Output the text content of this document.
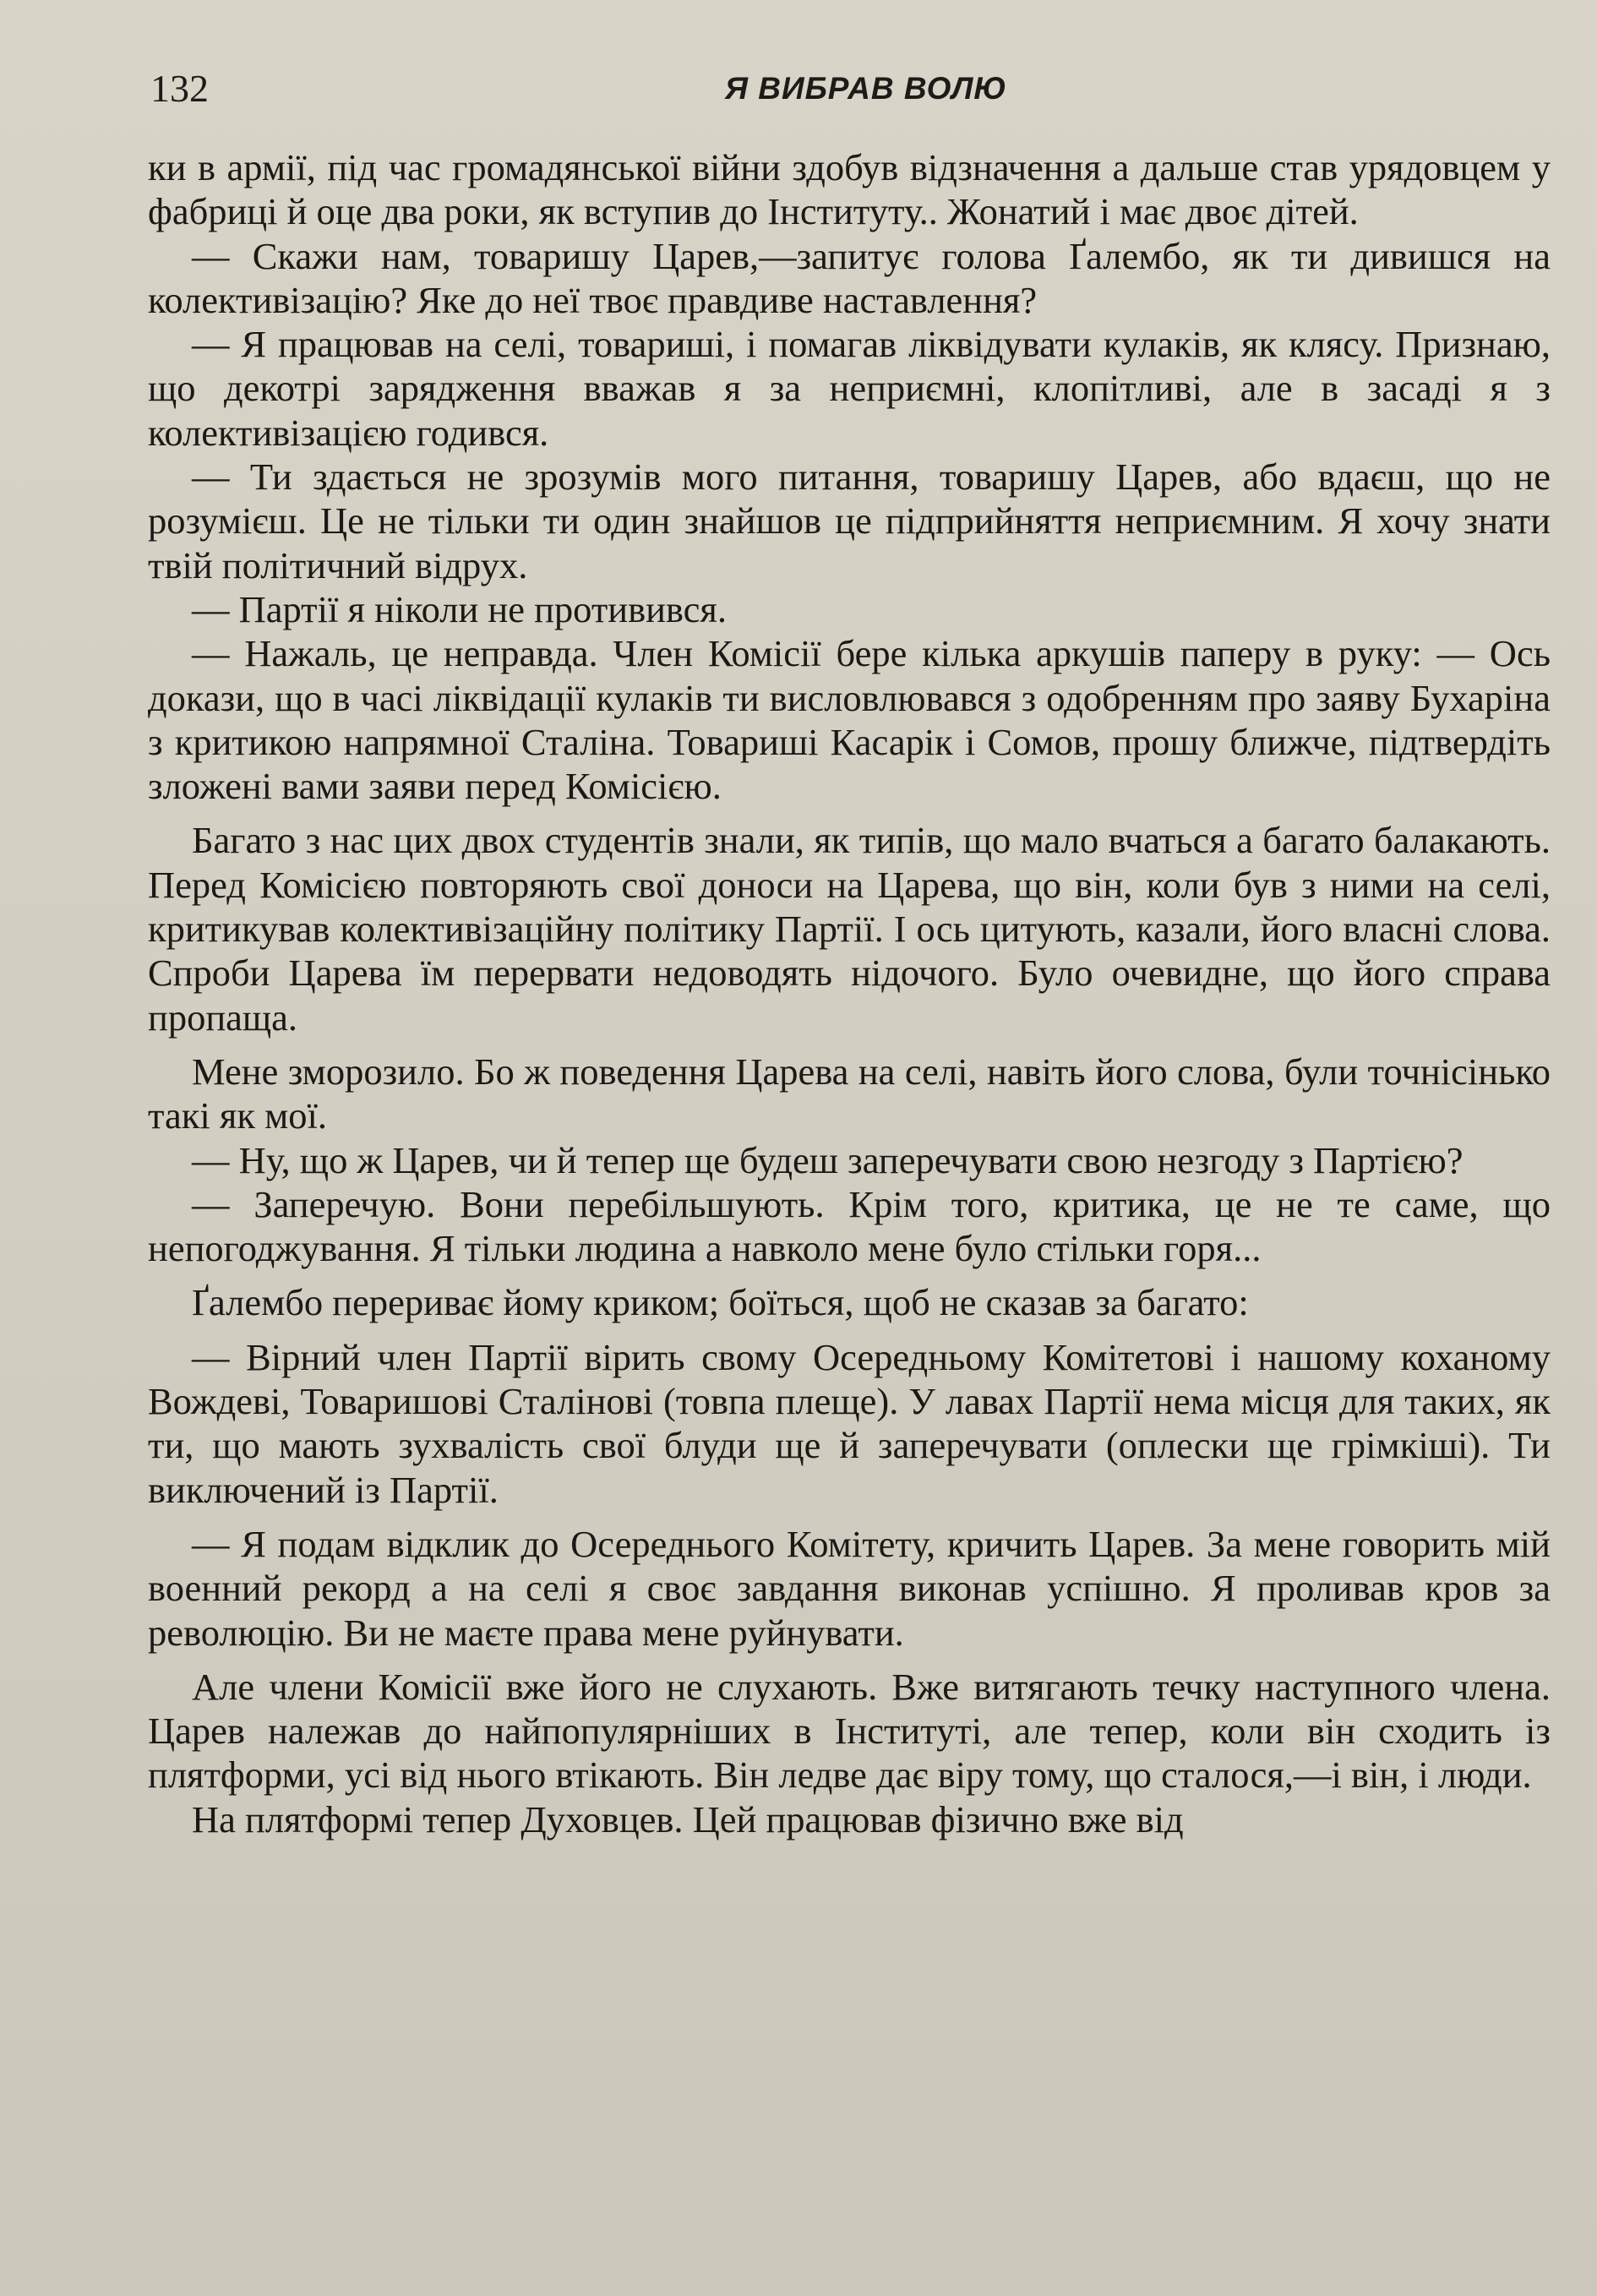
132	Я ВИБРАВ ВОЛЮ

ки в армії, під час громадянської війни здобув відзначення а дальше став урядовцем у фабриці й оце два роки, як вступив до Інституту.. Жонатий і має двоє дітей.

— Скажи нам, товаришу Царев,—запитує голова Ґалембо, як ти дивишся на колективізацію? Яке до неї твоє правдиве наставлення?

— Я працював на селі, товариші, і помагав ліквідувати кулаків, як клясу. Признаю, що декотрі зарядження вважав я за неприємні, клопітливі, але в засаді я з колективізацією годився.

— Ти здається не зрозумів мого питання, товаришу Царев, або вдаєш, що не розумієш. Це не тільки ти один знайшов це підприйняття неприємним. Я хочу знати твій політичний відрух.

— Партії я ніколи не противився.

— Нажаль, це неправда. Член Комісії бере кілька аркушів паперу в руку: — Ось докази, що в часі ліквідації кулаків ти висловлювався з одобренням про заяву Бухаріна з критикою напрямної Сталіна. Товариші Касарік і Сомов, прошу ближче, підтвердіть зложені вами заяви перед Комісією.

Багато з нас цих двох студентів знали, як типів, що мало вчаться а багато балакають. Перед Комісією повторяють свої доноси на Царева, що він, коли був з ними на селі, критикував колективізаційну політику Партії. І ось цитують, казали, його власні слова. Спроби Царева їм перервати недоводять нідочого. Було очевидне, що його справа пропаща.

Мене зморозило. Бо ж поведення Царева на селі, навіть його слова, були точнісінько такі як мої.

— Ну, що ж Царев, чи й тепер ще будеш заперечувати свою незгоду з Партією?

— Заперечую. Вони перебільшують. Крім того, критика, це не те саме, що непогоджування. Я тільки людина а навколо мене було стільки горя...

Ґалембо перериває йому криком; боїться, щоб не сказав за багато:

— Вірний член Партії вірить свому Осередньому Комітетові і нашому коханому Вождеві, Товаришові Сталінові (товпа плеще). У лавах Партії нема місця для таких, як ти, що мають зухвалість свої блуди ще й заперечувати (оплески ще грімкіші). Ти виключений із Партії.

— Я подам відклик до Осереднього Комітету, кричить Царев. За мене говорить мій военний рекорд а на селі я своє завдання виконав успішно. Я проливав кров за революцію. Ви не маєте права мене руйнувати.

Але члени Комісії вже його не слухають. Вже витягають течку наступного члена. Царев належав до найпопулярніших в Інституті, але тепер, коли він сходить із плятформи, усі від нього втікають. Він ледве дає віру тому, що сталося,—і він, і люди.

На плятформі тепер Духовцев. Цей працював фізично вже від
